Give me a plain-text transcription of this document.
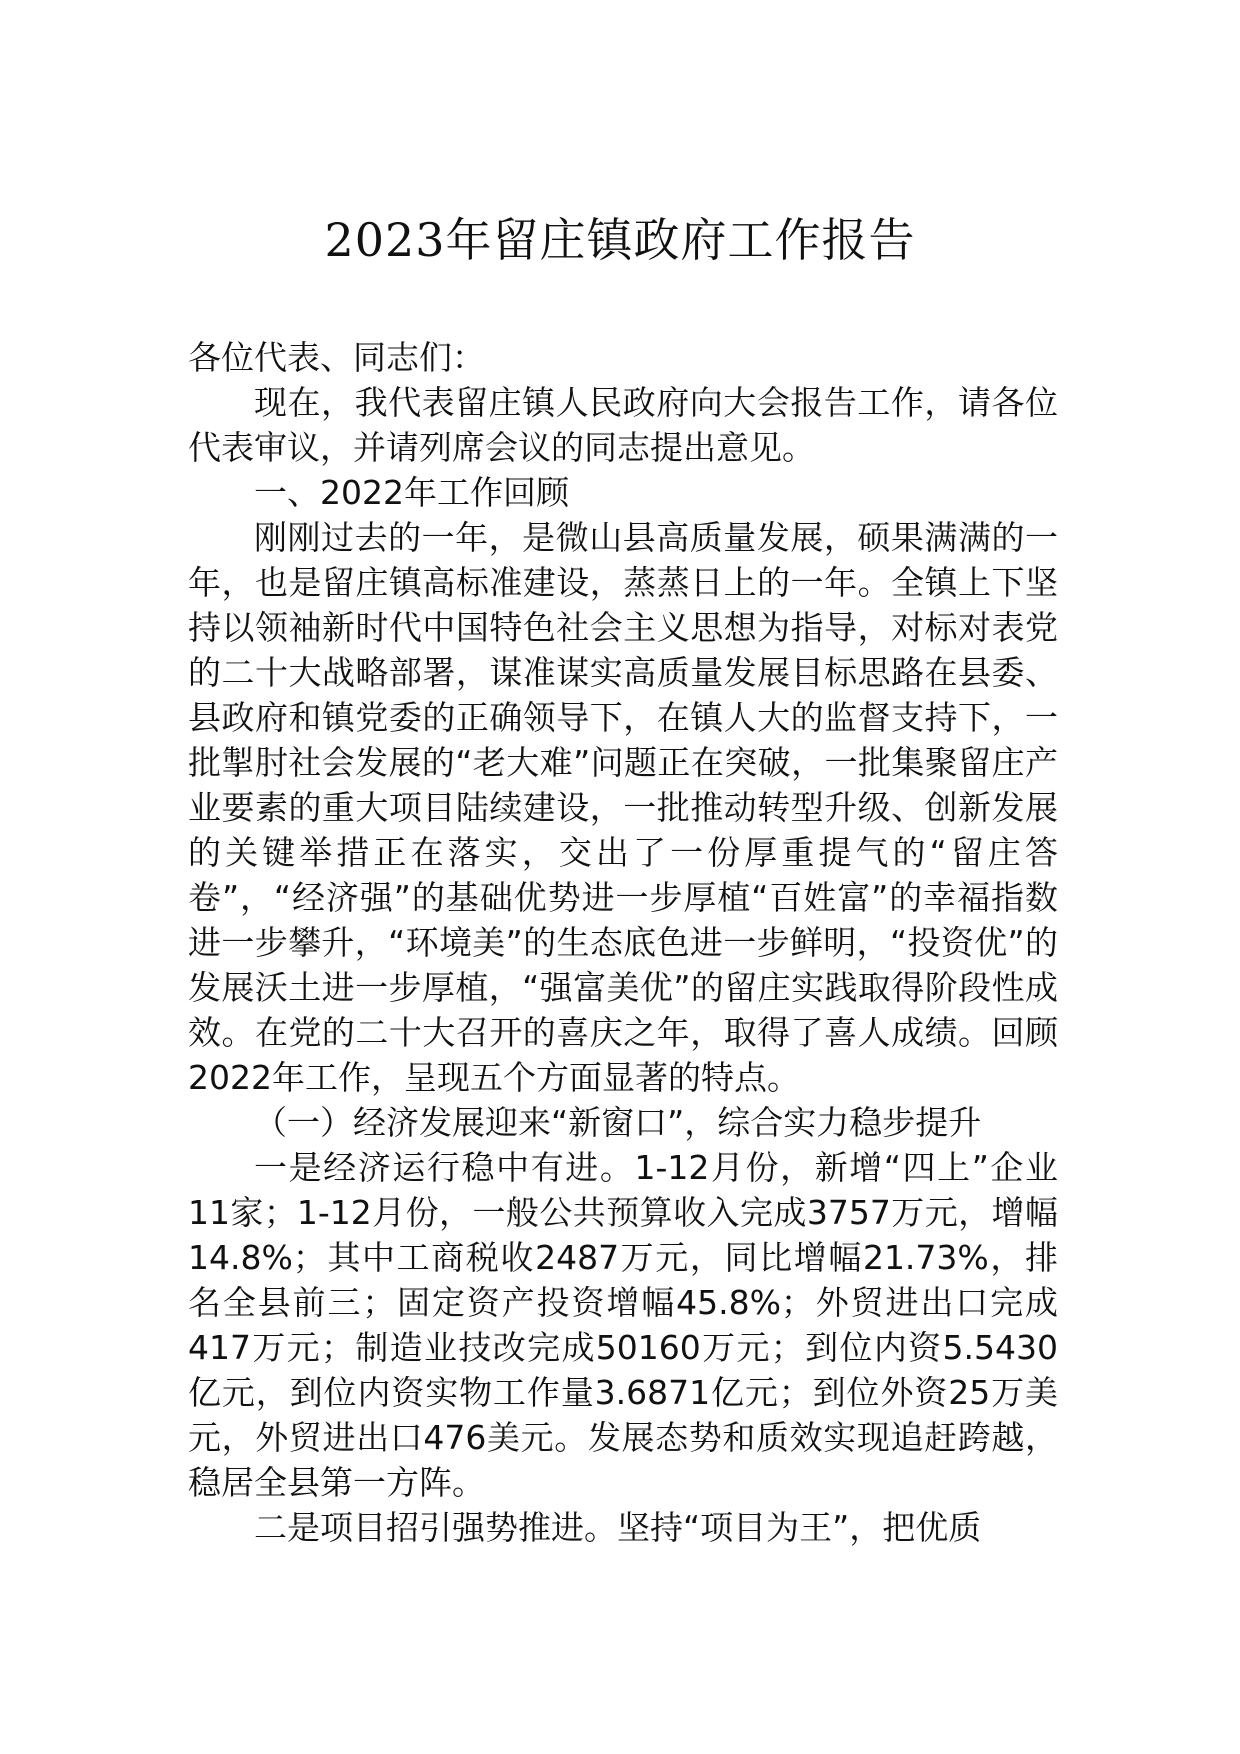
2023年留庄镇政府工作报告

各位代表、同志们：

现在，我代表留庄镇人民政府向大会报告工作，请各位代表审议，并请列席会议的同志提出意见。

一、2022年工作回顾

刚刚过去的一年，是微山县高质量发展，硕果满满的一年，也是留庄镇高标准建设，蒸蒸日上的一年。全镇上下坚持以领袖新时代中国特色社会主义思想为指导，对标对表党的二十大战略部署，谋准谋实高质量发展目标思路在县委、县政府和镇党委的正确领导下，在镇人大的监督支持下，一批掣肘社会发展的“老大难”问题正在突破，一批集聚留庄产业要素的重大项目陆续建设，一批推动转型升级、创新发展的关键举措正在落实，交出了一份厚重提气的“留庄答卷”，“经济强”的基础优势进一步厚植“百姓富”的幸福指数进一步攀升，“环境美”的生态底色进一步鲜明，“投资优”的发展沃土进一步厚植，“强富美优”的留庄实践取得阶段性成效。在党的二十大召开的喜庆之年，取得了喜人成绩。回顾2022年工作，呈现五个方面显著的特点。

（一）经济发展迎来“新窗口”，综合实力稳步提升

一是经济运行稳中有进。1-12月份，新增“四上”企业11家；1-12月份，一般公共预算收入完成3757万元，增幅14.8%；其中工商税收2487万元，同比增幅21.73%，排名全县前三；固定资产投资增幅45.8%；外贸进出口完成417万元；制造业技改完成50160万元；到位内资5.5430亿元，到位内资实物工作量3.6871亿元；到位外资25万美元，外贸进出口476美元。发展态势和质效实现追赶跨越，稳居全县第一方阵。

二是项目招引强势推进。坚持“项目为王”，把优质
